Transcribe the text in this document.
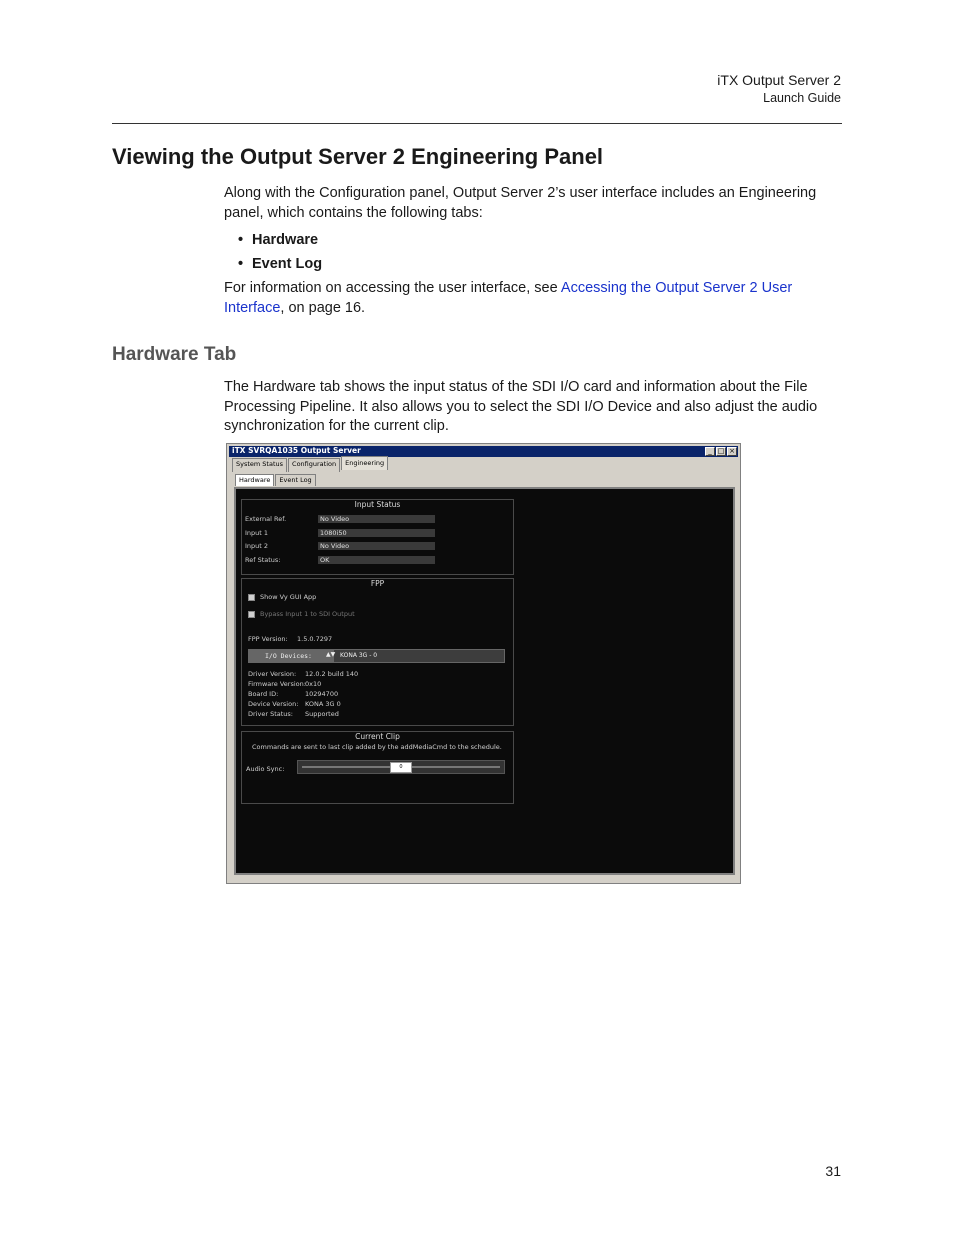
iTX Output Server 2
Launch Guide
Viewing the Output Server 2 Engineering Panel
Along with the Configuration panel, Output Server 2’s user interface includes an Engineering panel, which contains the following tabs:
• Hardware
• Event Log
For information on accessing the user interface, see Accessing the Output Server 2 User Interface, on page 16.
Hardware Tab
The Hardware tab shows the input status of the SDI I/O card and information about the File Processing Pipeline. It also allows you to select the SDI I/O Device and also adjust the audio synchronization for the current clip.
iTX SVRQA1035 Output Server	_ □ ×
System Status	Configuration	Engineering
Hardware	Event Log
Input Status
External Ref.	No Video
Input 1	1080i50
Input 2	No Video
Ref Status:	OK
FPP
Show Vy GUI App
Bypass Input 1 to SDI Output
FPP Version: 1.5.0.7297
I/O Devices:	▲▼ KONA 3G - 0
Driver Version: 12.0.2 build 140
Firmware Version: 0x10
Board ID:	10294700
Device Version: KONA 3G 0
Driver Status: Supported
Current Clip
Commands are sent to last clip added by the addMediaCmd to the schedule.
Audio Sync:	0
31
